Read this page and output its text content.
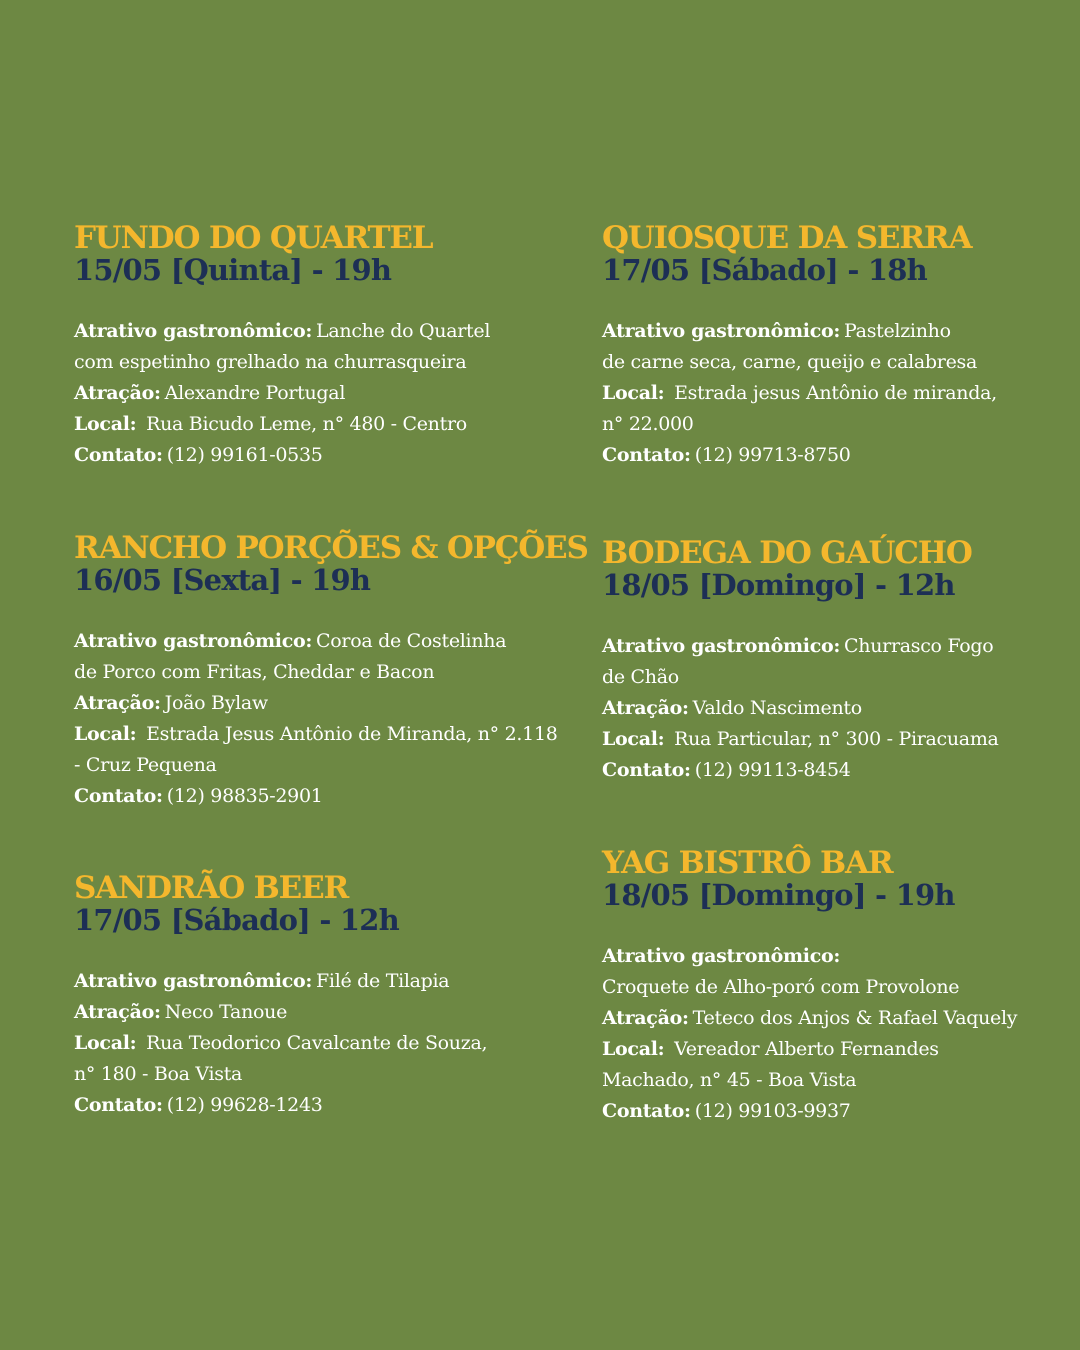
FUNDO DO QUARTEL
15/05 [Quinta] - 19h
Atrativo gastronômico: Lanche do Quartel
com espetinho grelhado na churrasqueira
Atração: Alexandre Portugal
Local: Rua Bicudo Leme, n° 480 - Centro
Contato: (12) 99161-0535
QUIOSQUE DA SERRA
17/05 [Sábado] - 18h
Atrativo gastronômico: Pastelzinho
de carne seca, carne, queijo e calabresa
Local: Estrada jesus Antônio de miranda,
n° 22.000
Contato: (12) 99713-8750
RANCHO PORÇÕES & OPÇÕES
16/05 [Sexta] - 19h
Atrativo gastronômico: Coroa de Costelinha
de Porco com Fritas, Cheddar e Bacon
Atração: João Bylaw
Local: Estrada Jesus Antônio de Miranda, n° 2.118
- Cruz Pequena
Contato: (12) 98835-2901
BODEGA DO GAÚCHO
18/05 [Domingo] - 12h
Atrativo gastronômico: Churrasco Fogo
de Chão
Atração: Valdo Nascimento
Local: Rua Particular, n° 300 - Piracuama
Contato: (12) 99113-8454
SANDRÃO BEER
17/05 [Sábado] - 12h
Atrativo gastronômico: Filé de Tilapia
Atração: Neco Tanoue
Local: Rua Teodorico Cavalcante de Souza,
n° 180 - Boa Vista
Contato: (12) 99628-1243
YAG BISTRÔ BAR
18/05 [Domingo] - 19h
Atrativo gastronômico:
Croquete de Alho-poró com Provolone
Atração: Teteco dos Anjos & Rafael Vaquely
Local: Vereador Alberto Fernandes
Machado, n° 45 - Boa Vista
Contato: (12) 99103-9937
